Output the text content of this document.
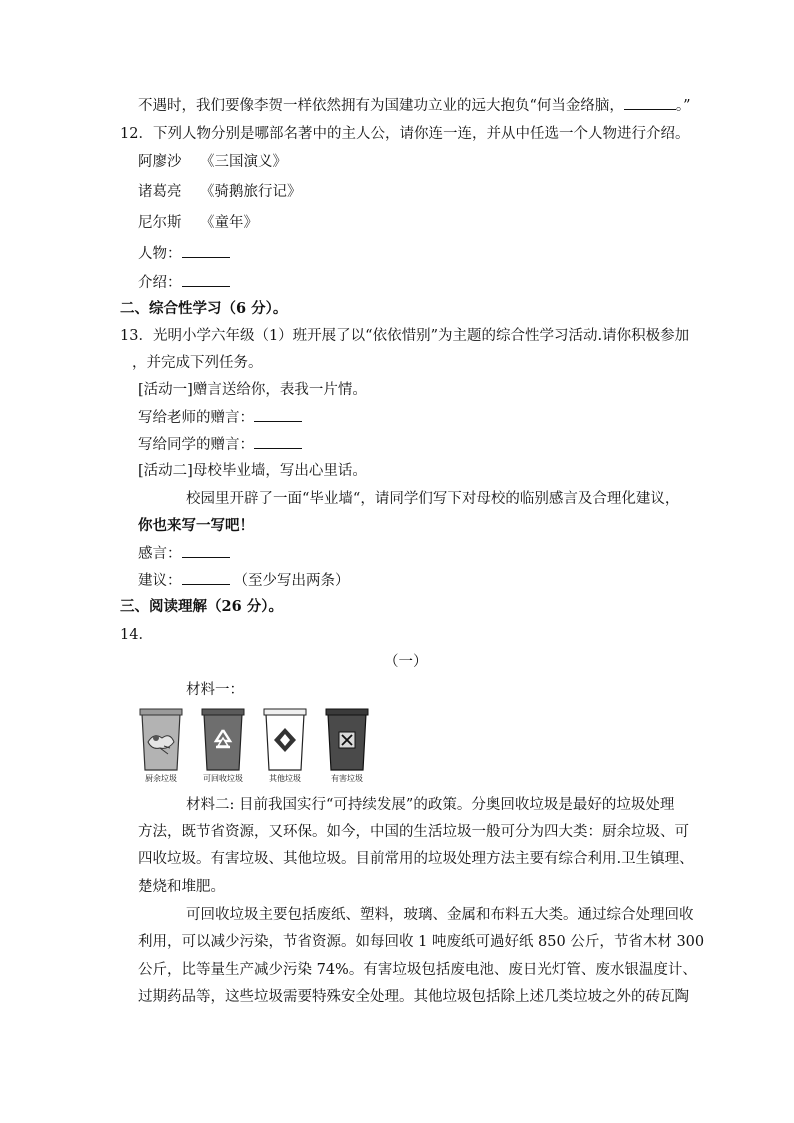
不遇时，我们要像李贺一样依然拥有为国建功立业的远大抱负“何当金络脑，	。”
12．下列人物分别是哪部名著中的主人公，请你连一连，并从中任选一个人物进行介绍。
阿廖沙 《三国演义》
诸葛亮 《骑鹅旅行记》
尼尔斯 《童年》
人物：
介绍：
二、综合性学习（6 分）。
13．光明小学六年级（1）班开展了以“依依惜别”为主题的综合性学习活动.请你积极参加
，并完成下列任务。
[活动一]赠言送给你，表我一片情。
写给老师的赠言：
写给同学的赠言：
[活动二]母校毕业墙，写出心里话。
校园里开辟了一面“毕业墙“，请同学们写下对母校的临别感言及合理化建议，
你也来写一写吧！
感言：
建议：	（至少写出两条）
三、阅读理解（26 分）。
14．
（一）
材料一：
厨余垃圾	可回收垃圾	其他垃圾	有害垃圾
材料二: 目前我国实行“可持续发展”的政策。分奥回收垃圾是最好的垃圾处理
方法，既节省资源，又环保。如今，中国的生活垃圾一般可分为四大类：厨余垃圾、可
四收垃圾。有害垃圾、其他垃圾。目前常用的垃圾处理方法主要有综合利用.卫生镇理、
楚烧和堆肥。
可回收垃圾主要包括废纸、塑料，玻璃、金属和布料五大类。通过综合处理回收
利用，可以减少污染，节省资源。如每回收 1 吨废纸可過好纸 850 公斤，节省木材 300
公斤，比等量生产减少污染 74%。有害垃圾包括废电池、废日光灯管、废水银温度计、
过期药品等，这些垃圾需要特殊安全处理。其他垃圾包括除上述几类垃坡之外的砖瓦陶
